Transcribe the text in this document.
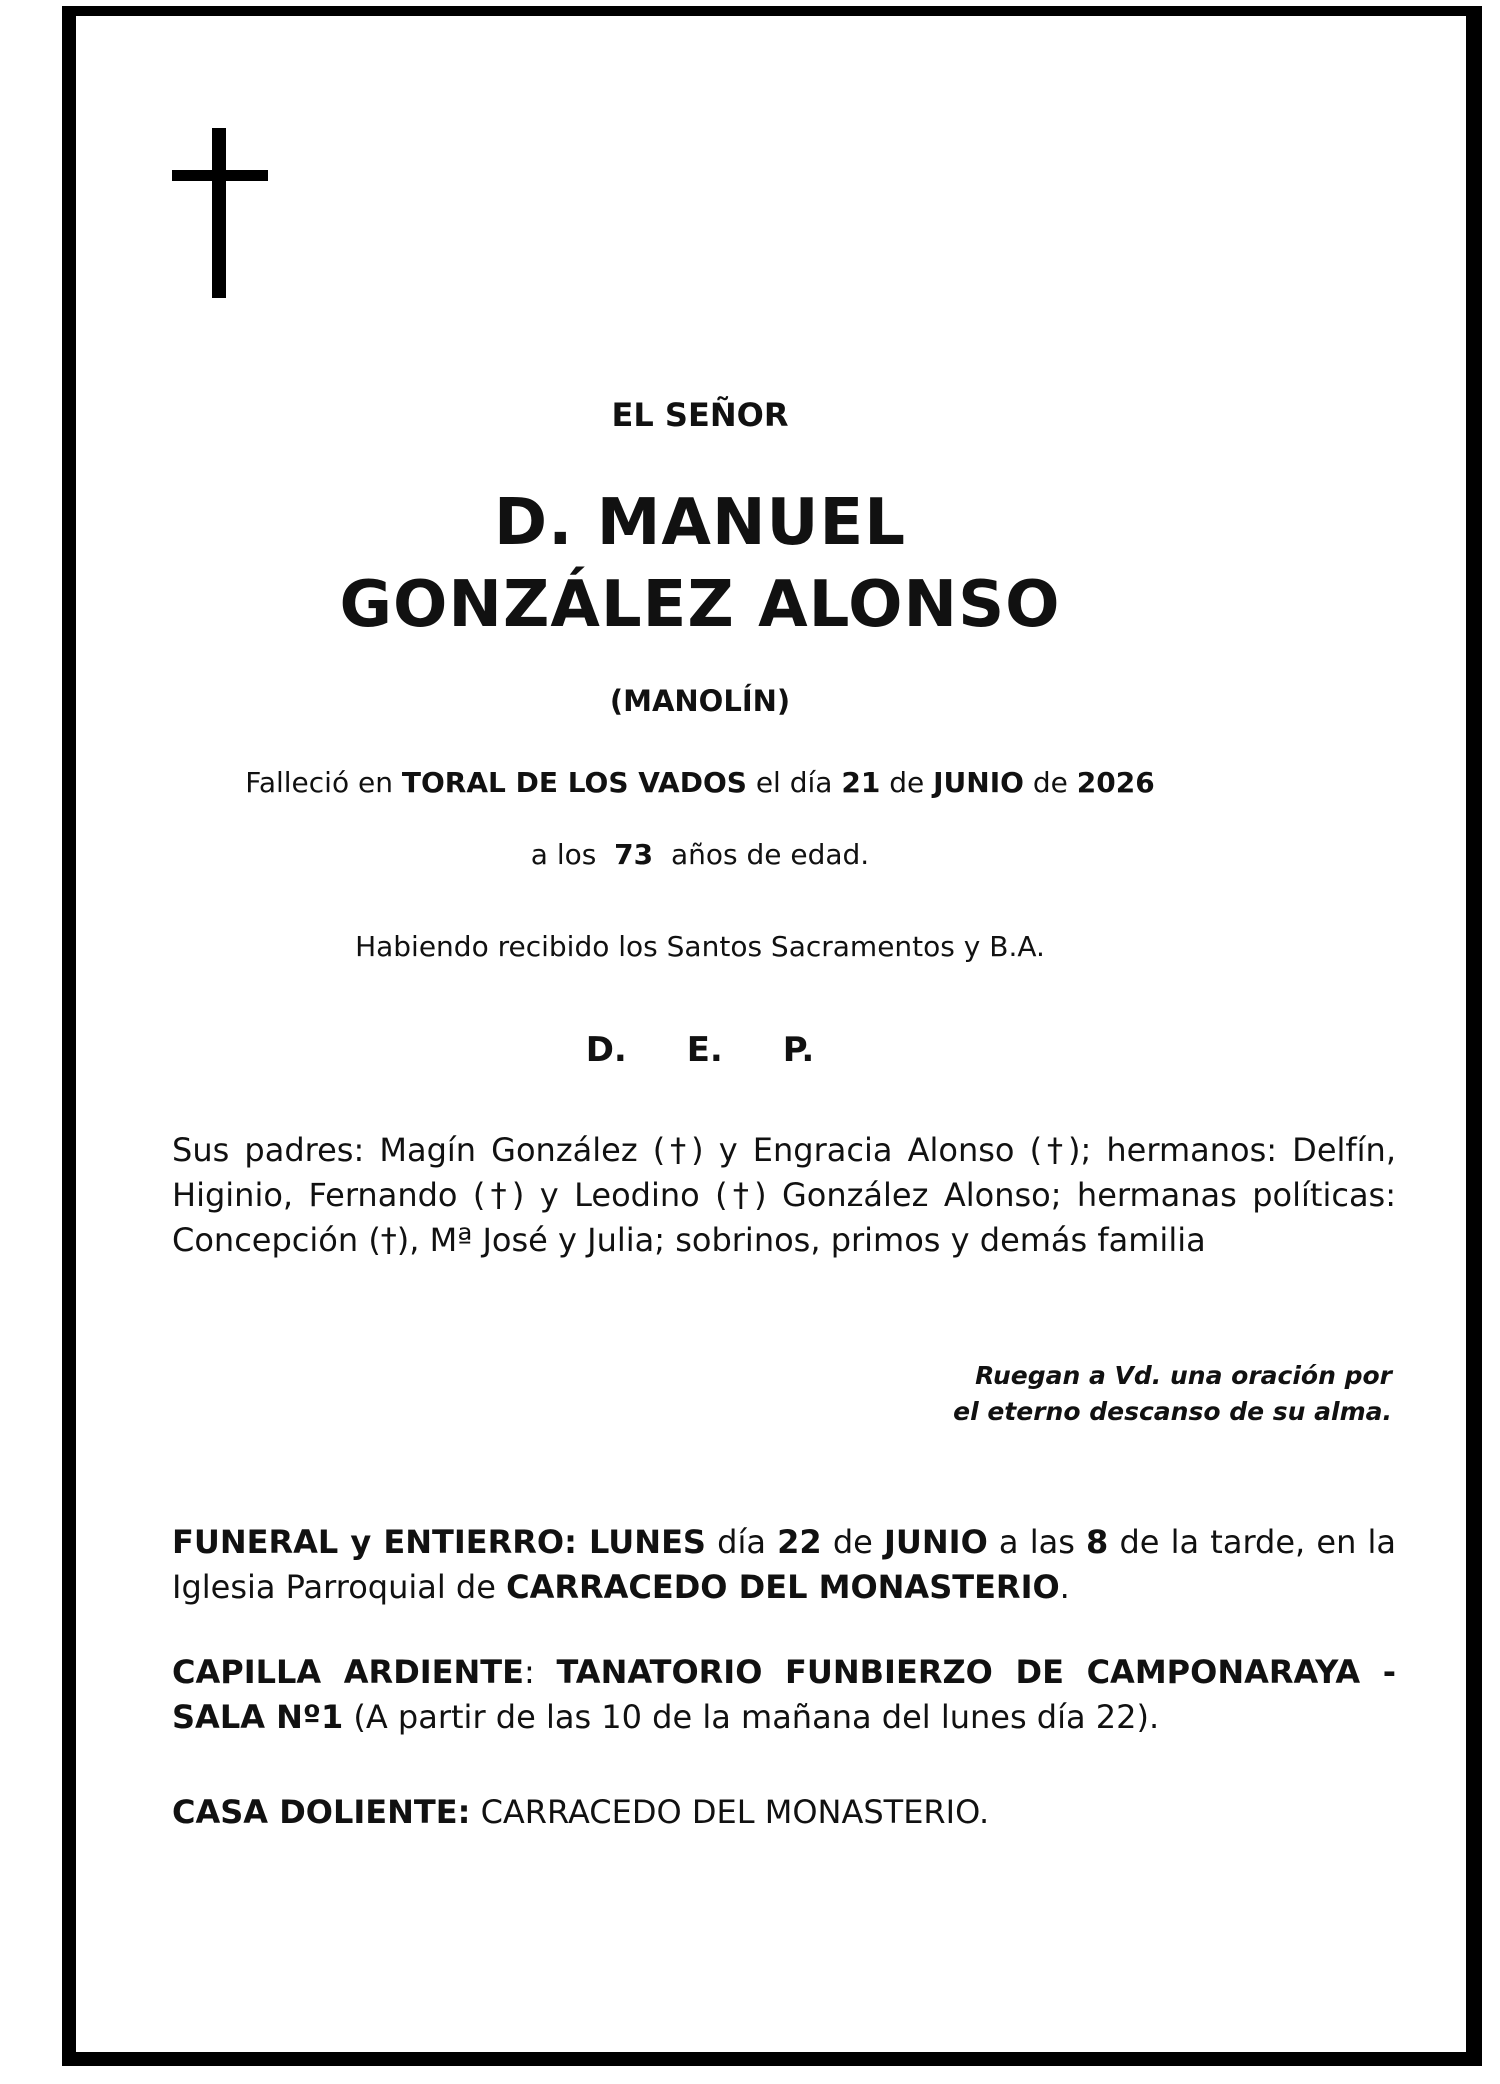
EL SEÑOR
D. MANUEL
GONZÁLEZ ALONSO
(MANOLÍN)
Falleció en TORAL DE LOS VADOS el día 21 de JUNIO de 2026
a los 73 años de edad.
Habiendo recibido los Santos Sacramentos y B.A.
D. E. P.
Sus padres: Magín González (†) y Engracia Alonso (†); hermanos: Delfín, Higinio, Fernando (†) y Leodino (†) González Alonso; hermanas políticas: Concepción (†), Mª José y Julia; sobrinos, primos y demás familia
Ruegan a Vd. una oración por
el eterno descanso de su alma.
FUNERAL y ENTIERRO: LUNES día 22 de JUNIO a las 8 de la tarde, en la Iglesia Parroquial de CARRACEDO DEL MONASTERIO.
CAPILLA ARDIENTE: TANATORIO FUNBIERZO DE CAMPONARAYA - SALA Nº1 (A partir de las 10 de la mañana del lunes día 22).
CASA DOLIENTE: CARRACEDO DEL MONASTERIO.
